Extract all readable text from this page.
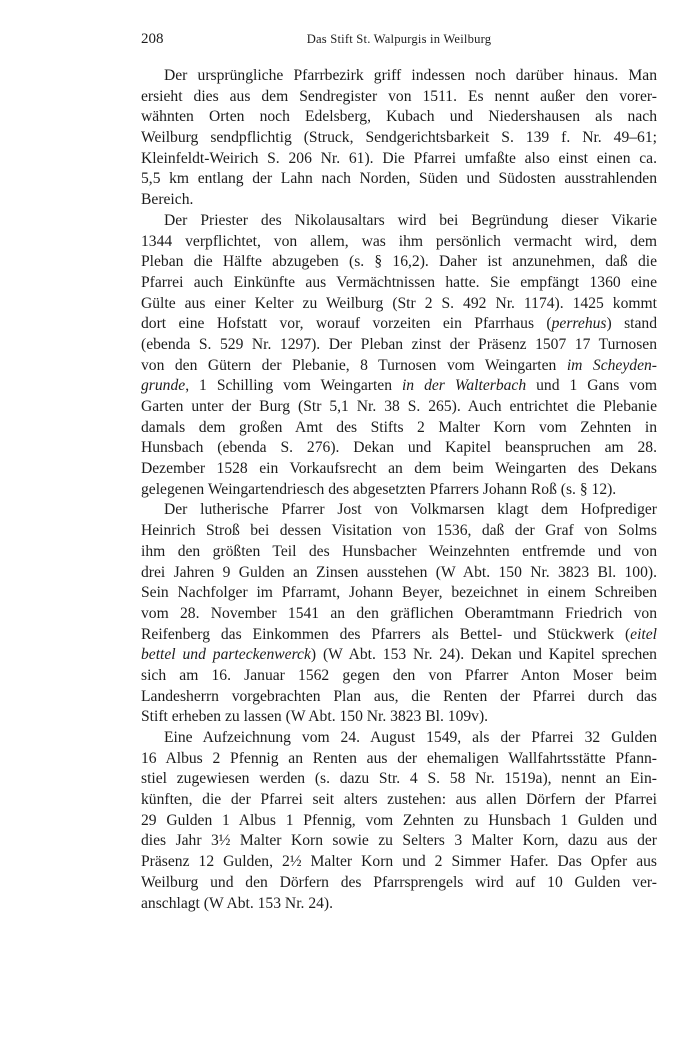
208	Das Stift St. Walpurgis in Weilburg
Der ursprüngliche Pfarrbezirk griff indessen noch darüber hinaus. Man
ersieht dies aus dem Sendregister von 1511. Es nennt außer den vorer-
wähnten Orten noch Edelsberg, Kubach und Niedershausen als nach
Weilburg sendpflichtig (Struck, Sendgerichtsbarkeit S. 139 f. Nr. 49–61;
Kleinfeldt-Weirich S. 206 Nr. 61). Die Pfarrei umfaßte also einst einen ca.
5,5 km entlang der Lahn nach Norden, Süden und Südosten ausstrahlenden
Bereich.
Der Priester des Nikolausaltars wird bei Begründung dieser Vikarie
1344 verpflichtet, von allem, was ihm persönlich vermacht wird, dem
Pleban die Hälfte abzugeben (s. § 16,2). Daher ist anzunehmen, daß die
Pfarrei auch Einkünfte aus Vermächtnissen hatte. Sie empfängt 1360 eine
Gülte aus einer Kelter zu Weilburg (Str 2 S. 492 Nr. 1174). 1425 kommt
dort eine Hofstatt vor, worauf vorzeiten ein Pfarrhaus (perrehus) stand
(ebenda S. 529 Nr. 1297). Der Pleban zinst der Präsenz 1507 17 Turnosen
von den Gütern der Plebanie, 8 Turnosen vom Weingarten im Scheyden-
grunde, 1 Schilling vom Weingarten in der Walterbach und 1 Gans vom
Garten unter der Burg (Str 5,1 Nr. 38 S. 265). Auch entrichtet die Plebanie
damals dem großen Amt des Stifts 2 Malter Korn vom Zehnten in
Hunsbach (ebenda S. 276). Dekan und Kapitel beanspruchen am 28.
Dezember 1528 ein Vorkaufsrecht an dem beim Weingarten des Dekans
gelegenen Weingartendriesch des abgesetzten Pfarrers Johann Roß (s. § 12).
Der lutherische Pfarrer Jost von Volkmarsen klagt dem Hofprediger
Heinrich Stroß bei dessen Visitation von 1536, daß der Graf von Solms
ihm den größten Teil des Hunsbacher Weinzehnten entfremde und von
drei Jahren 9 Gulden an Zinsen ausstehen (W Abt. 150 Nr. 3823 Bl. 100).
Sein Nachfolger im Pfarramt, Johann Beyer, bezeichnet in einem Schreiben
vom 28. November 1541 an den gräflichen Oberamtmann Friedrich von
Reifenberg das Einkommen des Pfarrers als Bettel- und Stückwerk (eitel
bettel und parteckenwerck) (W Abt. 153 Nr. 24). Dekan und Kapitel sprechen
sich am 16. Januar 1562 gegen den von Pfarrer Anton Moser beim
Landesherrn vorgebrachten Plan aus, die Renten der Pfarrei durch das
Stift erheben zu lassen (W Abt. 150 Nr. 3823 Bl. 109v).
Eine Aufzeichnung vom 24. August 1549, als der Pfarrei 32 Gulden
16 Albus 2 Pfennig an Renten aus der ehemaligen Wallfahrtsstätte Pfann-
stiel zugewiesen werden (s. dazu Str. 4 S. 58 Nr. 1519a), nennt an Ein-
künften, die der Pfarrei seit alters zustehen: aus allen Dörfern der Pfarrei
29 Gulden 1 Albus 1 Pfennig, vom Zehnten zu Hunsbach 1 Gulden und
dies Jahr 3½ Malter Korn sowie zu Selters 3 Malter Korn, dazu aus der
Präsenz 12 Gulden, 2½ Malter Korn und 2 Simmer Hafer. Das Opfer aus
Weilburg und den Dörfern des Pfarrsprengels wird auf 10 Gulden ver-
anschlagt (W Abt. 153 Nr. 24).
